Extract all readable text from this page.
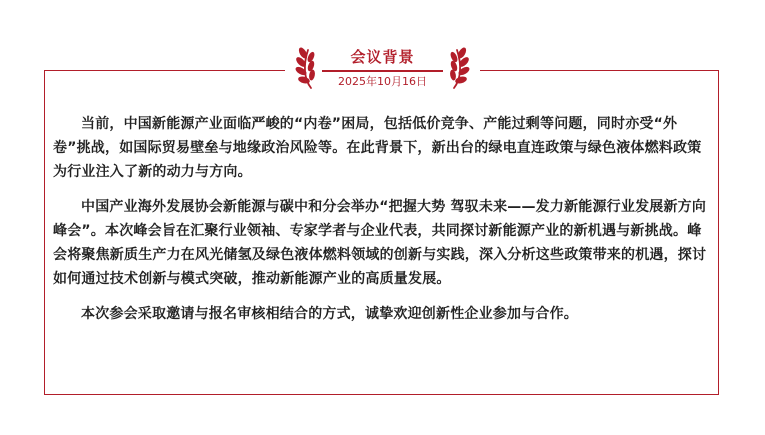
会议背景
2025年10月16日

当前，中国新能源产业面临严峻的“内卷”困局，包括低价竞争、产能过剩等问题，同时亦受“外卷”挑战，如国际贸易壁垒与地缘政治风险等。在此背景下，新出台的绿电直连政策与绿色液体燃料政策为行业注入了新的动力与方向。

中国产业海外发展协会新能源与碳中和分会举办“把握大势 驾驭未来——发力新能源行业发展新方向峰会”。本次峰会旨在汇聚行业领袖、专家学者与企业代表，共同探讨新能源产业的新机遇与新挑战。峰会将聚焦新质生产力在风光储氢及绿色液体燃料领域的创新与实践，深入分析这些政策带来的机遇，探讨如何通过技术创新与模式突破，推动新能源产业的高质量发展。

本次参会采取邀请与报名审核相结合的方式，诚挚欢迎创新性企业参加与合作。
